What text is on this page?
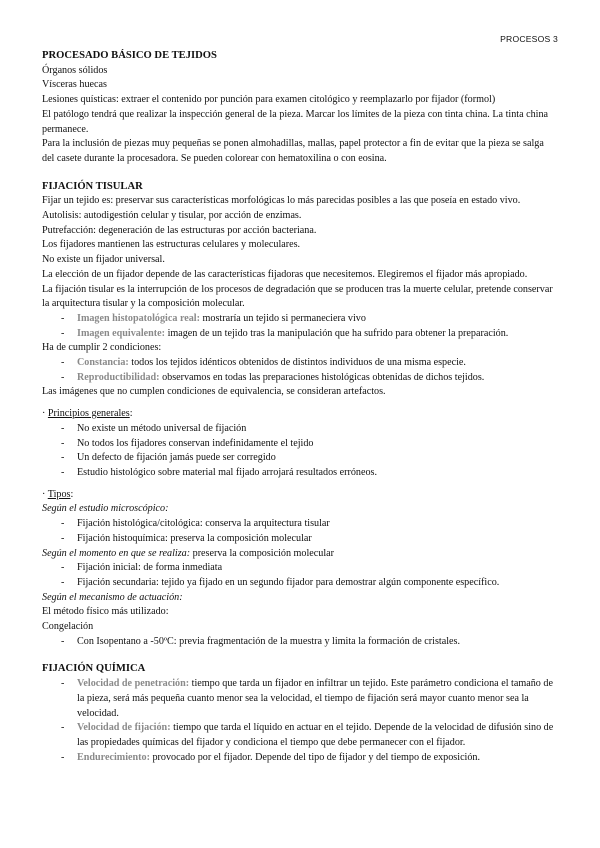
PROCESOS 3

PROCESADO BÁSICO DE TEJIDOS

Órganos sólidos

Vísceras huecas

Lesiones quísticas: extraer el contenido por punción para examen citológico y reemplazarlo por fijador (formol)

El patólogo tendrá que realizar la inspección general de la pieza. Marcar los límites de la pieza con tinta china. La tinta china permanece.

Para la inclusión de piezas muy pequeñas se ponen almohadillas, mallas, papel protector a fin de evitar que la pieza se salga del casete durante la procesadora. Se pueden colorear con hematoxilina o con eosina.

FIJACIÓN TISULAR

Fijar un tejido es: preservar sus características morfológicas lo más parecidas posibles a las que poseía en estado vivo.

Autolisis: autodigestión celular y tisular, por acción de enzimas.

Putrefacción: degeneración de las estructuras por acción bacteriana.

Los fijadores mantienen las estructuras celulares y moleculares.

No existe un fijador universal.

La elección de un fijador depende de las características fijadoras que necesitemos. Elegiremos el fijador más apropiado.

La fijación tisular es la interrupción de los procesos de degradación que se producen tras la muerte celular, pretende conservar la arquitectura tisular y la composición molecular.

- Imagen histopatológica real: mostraría un tejido si permaneciera vivo

- Imagen equivalente: imagen de un tejido tras la manipulación que ha sufrido para obtener la preparación.

Ha de cumplir 2 condiciones:

- Constancia: todos los tejidos idénticos obtenidos de distintos individuos de una misma especie.

- Reproductibilidad: observamos en todas las preparaciones histológicas obtenidas de dichos tejidos.

Las imágenes que no cumplen condiciones de equivalencia, se consideran artefactos.

· Principios generales:

- No existe un método universal de fijación

- No todos los fijadores conservan indefinidamente el tejido

- Un defecto de fijación jamás puede ser corregido

- Estudio histológico sobre material mal fijado arrojará resultados erróneos.

· Tipos:

Según el estudio microscópico:

- Fijación histológica/citológica: conserva la arquitectura tisular

- Fijación histoquímica: preserva la composición molecular

Según el momento en que se realiza: preserva la composición molecular

- Fijación inicial: de forma inmediata

- Fijación secundaria: tejido ya fijado en un segundo fijador para demostrar algún componente específico.

Según el mecanismo de actuación:

El método físico más utilizado:

Congelación

- Con Isopentano a -50ºC: previa fragmentación de la muestra y limita la formación de cristales.

FIJACIÓN QUÍMICA

- Velocidad de penetración: tiempo que tarda un fijador en infiltrar un tejido. Este parámetro condiciona el tamaño de la pieza, será más pequeña cuanto menor sea la velocidad, el tiempo de fijación será mayor cuanto menor sea la velocidad.

- Velocidad de fijación: tiempo que tarda el líquido en actuar en el tejido. Depende de la velocidad de difusión sino de las propiedades químicas del fijador y condiciona el tiempo que debe permanecer con el fijador.

- Endurecimiento: provocado por el fijador. Depende del tipo de fijador y del tiempo de exposición.
